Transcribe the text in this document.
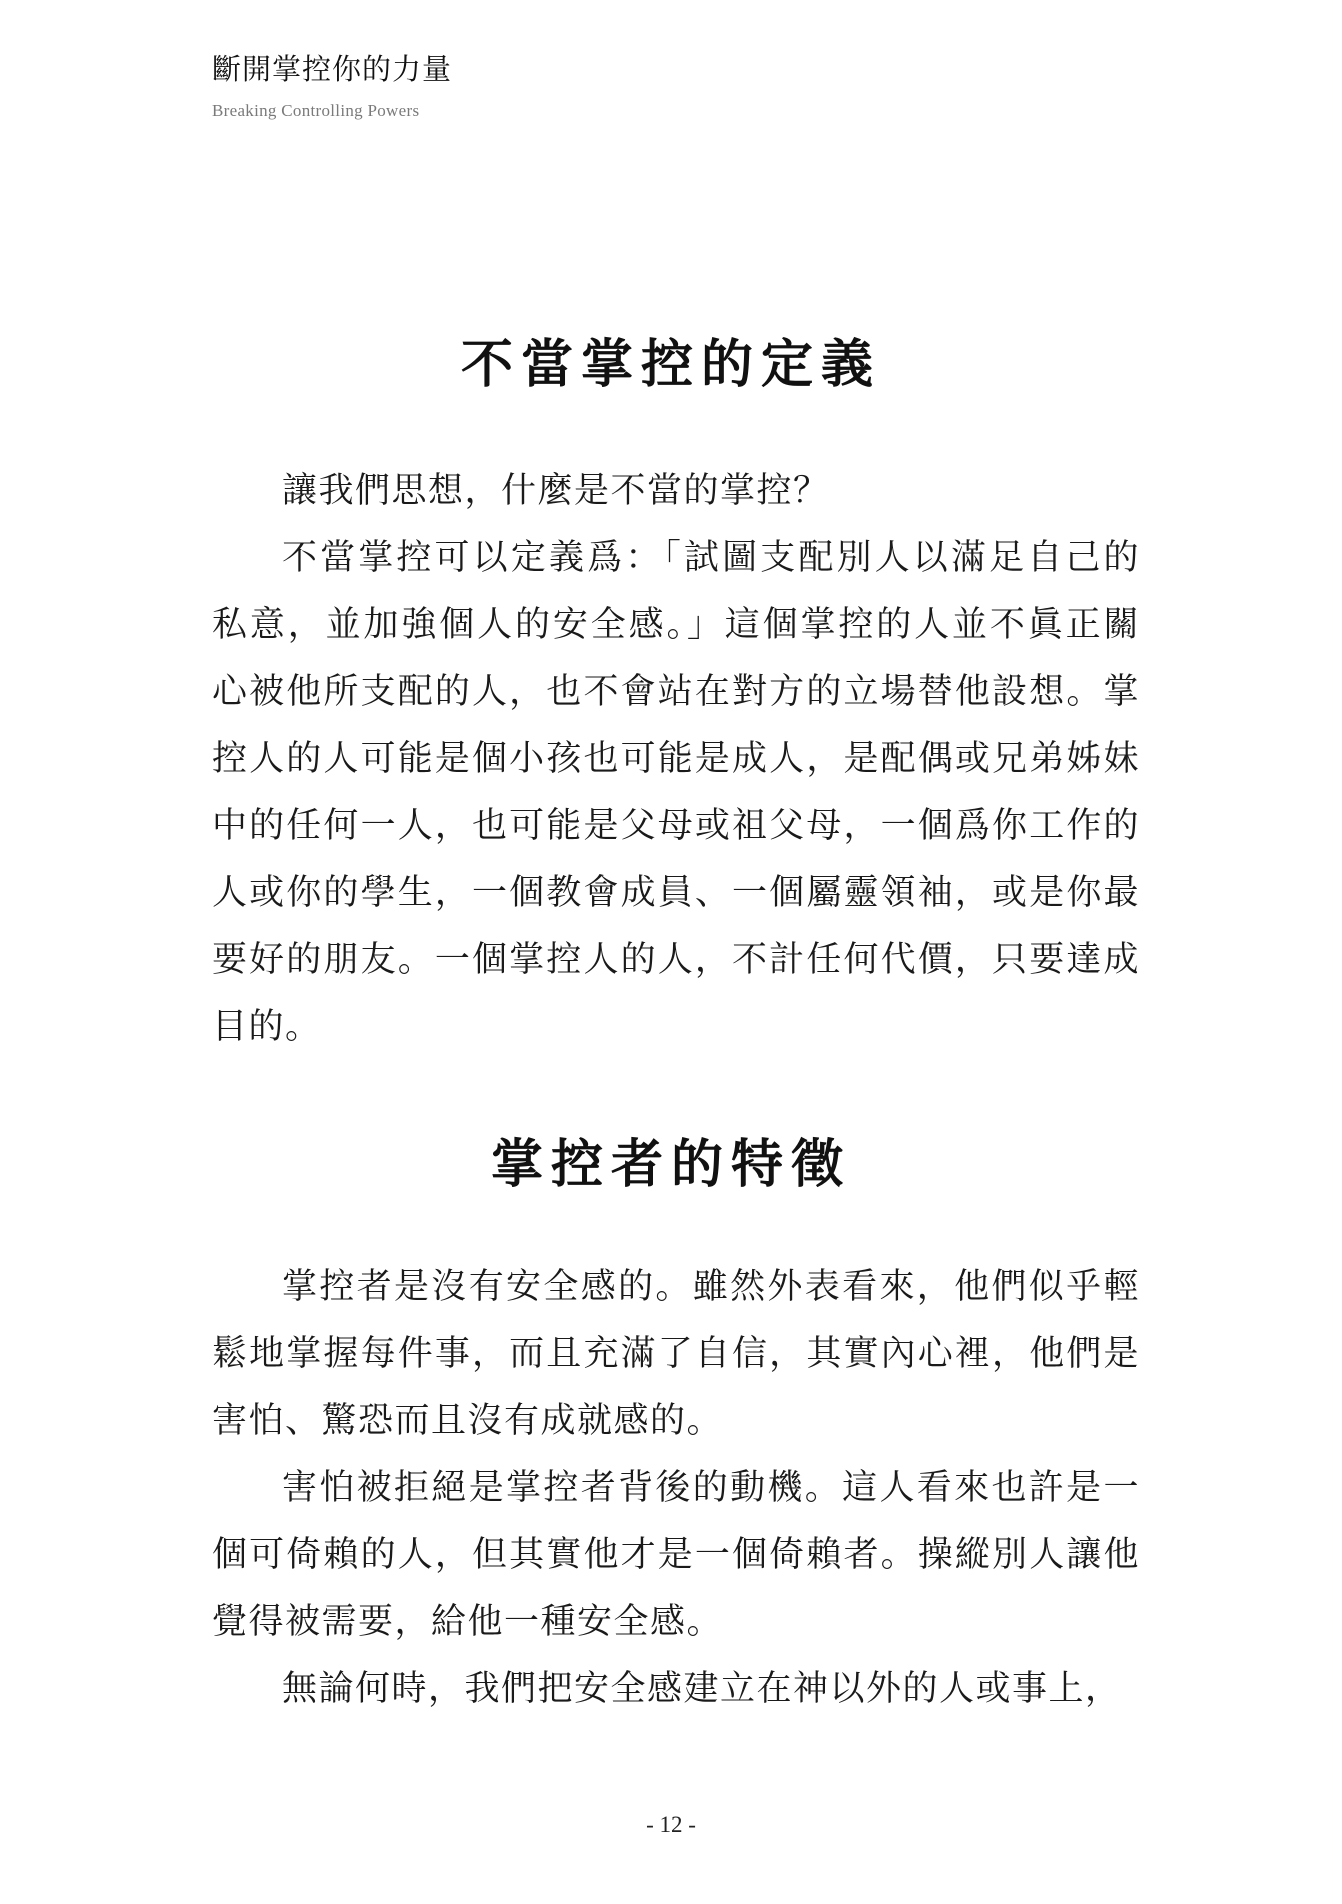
斷開掌控你的力量
Breaking Controlling Powers
不當掌控的定義

讓我們思想，什麼是不當的掌控？

不當掌控可以定義爲：「試圖支配別人以滿足自己的私意，並加強個人的安全感。」這個掌控的人並不眞正關心被他所支配的人，也不會站在對方的立場替他設想。掌控人的人可能是個小孩也可能是成人，是配偶或兄弟姊妹中的任何一人，也可能是父母或祖父母，一個爲你工作的人或你的學生，一個教會成員、一個屬靈領袖，或是你最要好的朋友。一個掌控人的人，不計任何代價，只要達成目的。

掌控者的特徵

掌控者是沒有安全感的。雖然外表看來，他們似乎輕鬆地掌握每件事，而且充滿了自信，其實內心裡，他們是害怕、驚恐而且沒有成就感的。

害怕被拒絕是掌控者背後的動機。這人看來也許是一個可倚賴的人，但其實他才是一個倚賴者。操縱別人讓他覺得被需要，給他一種安全感。

無論何時，我們把安全感建立在神以外的人或事上，

- 12 -
